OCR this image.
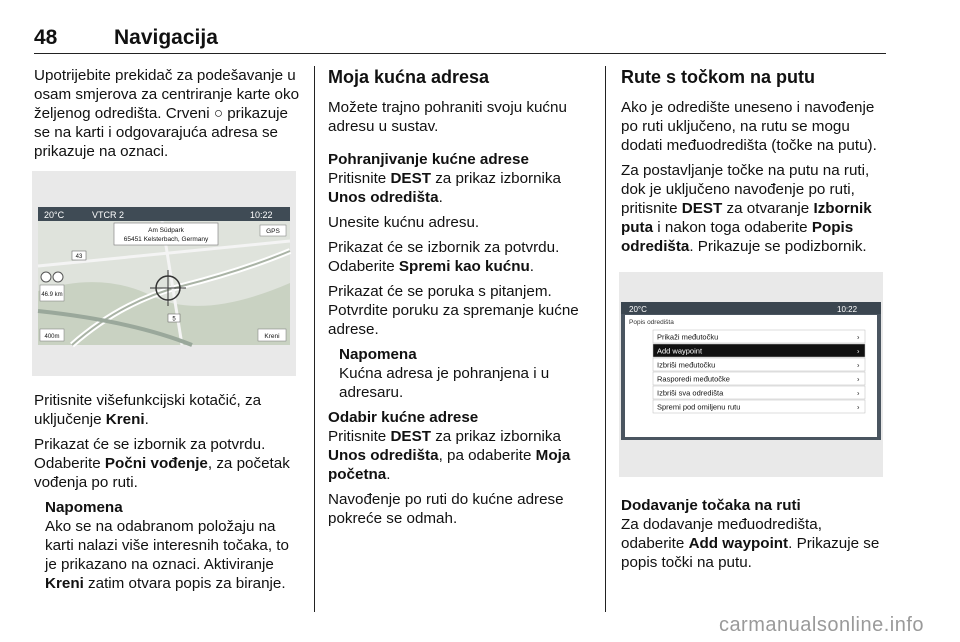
48	Navigacija

Upotrijebite prekidač za podešavanje u osam smjerova za centriranje karte oko željenog odredišta. Crveni ○ prikazuje se na karti i odgovarajuća adresa se prikazuje na oznaci.

20°C	VTCR 2	10:22
Am Südpark
65451 Kelsterbach, Germany
GPS
43
46.9 km
5
400m	Kreni

Pritisnite višefunkcijski kotačić, za uključenje Kreni.

Prikazat će se izbornik za potvrdu. Odaberite Počni vođenje, za početak vođenja po ruti.

Napomena
Ako se na odabranom položaju na karti nalazi više interesnih točaka, to je prikazano na oznaci. Aktiviranje Kreni zatim otvara popis za biranje.
Moja kućna adresa

Možete trajno pohraniti svoju kućnu adresu u sustav.

Pohranjivanje kućne adrese

Pritisnite DEST za prikaz izbornika Unos odredišta.

Unesite kućnu adresu.

Prikazat će se izbornik za potvrdu. Odaberite Spremi kao kućnu.

Prikazat će se poruka s pitanjem. Potvrdite poruku za spremanje kućne adrese.

Napomena
Kućna adresa je pohranjena i u adresaru.
Odabir kućne adrese

Pritisnite DEST za prikaz izbornika Unos odredišta, pa odaberite Moja početna.

Navođenje po ruti do kućne adrese pokreće se odmah.

Rute s točkom na putu

Ako je odredište uneseno i navođenje po ruti uključeno, na rutu se mogu dodati međuodredišta (točke na putu).

Za postavljanje točke na putu na ruti, dok je uključeno navođenje po ruti, pritisnite DEST za otvaranje Izbornik puta i nakon toga odaberite Popis odredišta. Prikazuje se podizbornik.

20°C	10:22
Popis odredišta
Prikaži međutočku	›
Add waypoint	›
Izbriši međutočku	›
Rasporedi međutočke	›
Izbriši sva odredišta	›
Spremi pod omiljenu rutu	›
Dodavanje točaka na ruti

Za dodavanje međuodredišta, odaberite Add waypoint. Prikazuje se popis točki na putu.

carmanualsonline.info
